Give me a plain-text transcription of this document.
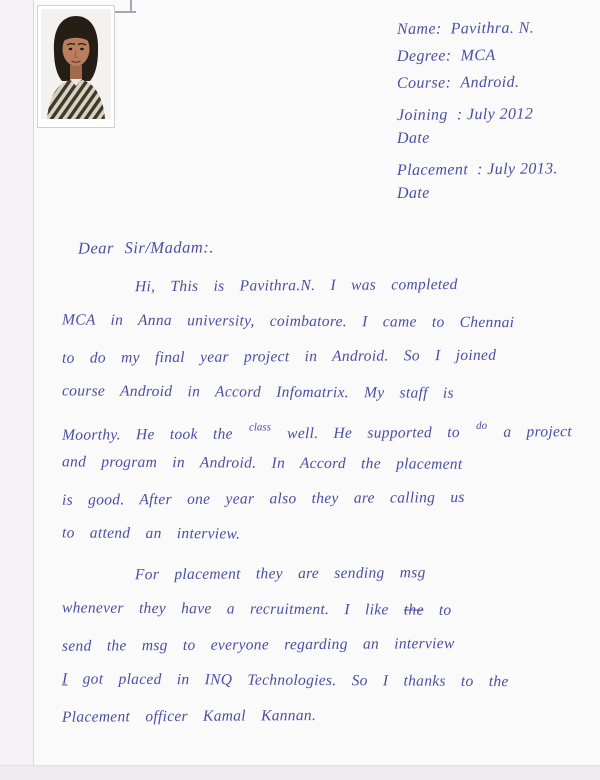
Name: Pavithra. N.
Degree: MCA
Course: Android.
Joining : July 2012
Date
Placement : July 2013.
Date
Dear Sir/Madam:.
Hi, This is Pavithra.N. I was completed
MCA in Anna university, coimbatore. I came to Chennai
to do my final year project in Android. So I joined
course Android in Accord Infomatrix. My staff is
Moorthy. He took the $^{class}$ well. He supported to $^{do}$ a project
and program in Android. In Accord the placement
is good. After one year also they are calling us
to attend an interview.
For placement they are sending msg
whenever they have a recruitment. I like the to
send the msg to everyone regarding an interview
I got placed in INQ Technologies. So I thanks to the
Placement officer Kamal Kannan.
